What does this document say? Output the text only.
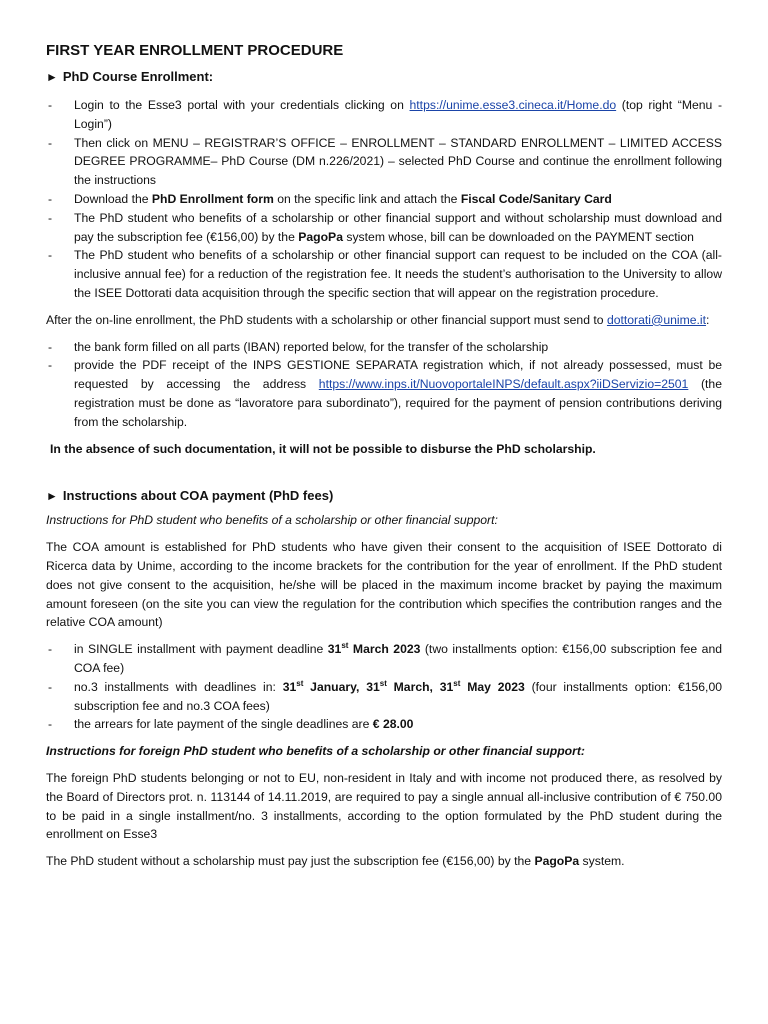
FIRST YEAR ENROLLMENT PROCEDURE
► PhD Course Enrollment:
- Login to the Esse3 portal with your credentials clicking on https://unime.esse3.cineca.it/Home.do (top right “Menu - Login”)
- Then click on MENU – REGISTRAR’S OFFICE – ENROLLMENT – STANDARD ENROLLMENT – LIMITED ACCESS DEGREE PROGRAMME– PhD Course (DM n.226/2021) – selected PhD Course and continue the enrollment following the instructions
- Download the PhD Enrollment form on the specific link and attach the Fiscal Code/Sanitary Card
- The PhD student who benefits of a scholarship or other financial support and without scholarship must download and pay the subscription fee (€156,00) by the PagoPa system whose, bill can be downloaded on the PAYMENT section
- The PhD student who benefits of a scholarship or other financial support can request to be included on the COA (all-inclusive annual fee) for a reduction of the registration fee. It needs the student’s authorisation to the University to allow the ISEE Dottorati data acquisition through the specific section that will appear on the registration procedure.

After the on-line enrollment, the PhD students with a scholarship or other financial support must send to dottorati@unime.it:

- the bank form filled on all parts (IBAN) reported below, for the transfer of the scholarship
- provide the PDF receipt of the INPS GESTIONE SEPARATA registration which, if not already possessed, must be requested by accessing the address https://www.inps.it/NuovoportaleINPS/default.aspx?iiDServizio=2501 (the registration must be done as “lavoratore para subordinato”), required for the payment of pension contributions deriving from the scholarship.

In the absence of such documentation, it will not be possible to disburse the PhD scholarship.

► Instructions about COA payment (PhD fees)

Instructions for PhD student who benefits of a scholarship or other financial support:

The COA amount is established for PhD students who have given their consent to the acquisition of ISEE Dottorato di Ricerca data by Unime, according to the income brackets for the contribution for the year of enrollment. If the PhD student does not give consent to the acquisition, he/she will be placed in the maximum income bracket by paying the maximum amount foreseen (on the site you can view the regulation for the contribution which specifies the contribution ranges and the relative COA amount)

- in SINGLE installment with payment deadline 31st March 2023 (two installments option: €156,00 subscription fee and COA fee)
- no.3 installments with deadlines in: 31st January, 31st March, 31st May 2023 (four installments option: €156,00 subscription fee and no.3 COA fees)
- the arrears for late payment of the single deadlines are € 28.00

Instructions for foreign PhD student who benefits of a scholarship or other financial support:

The foreign PhD students belonging or not to EU, non-resident in Italy and with income not produced there, as resolved by the Board of Directors prot. n. 113144 of 14.11.2019, are required to pay a single annual all-inclusive contribution of € 750.00 to be paid in a single installment/no. 3 installments, according to the option formulated by the PhD student during the enrollment on Esse3

The PhD student without a scholarship must pay just the subscription fee (€156,00) by the PagoPa system.
